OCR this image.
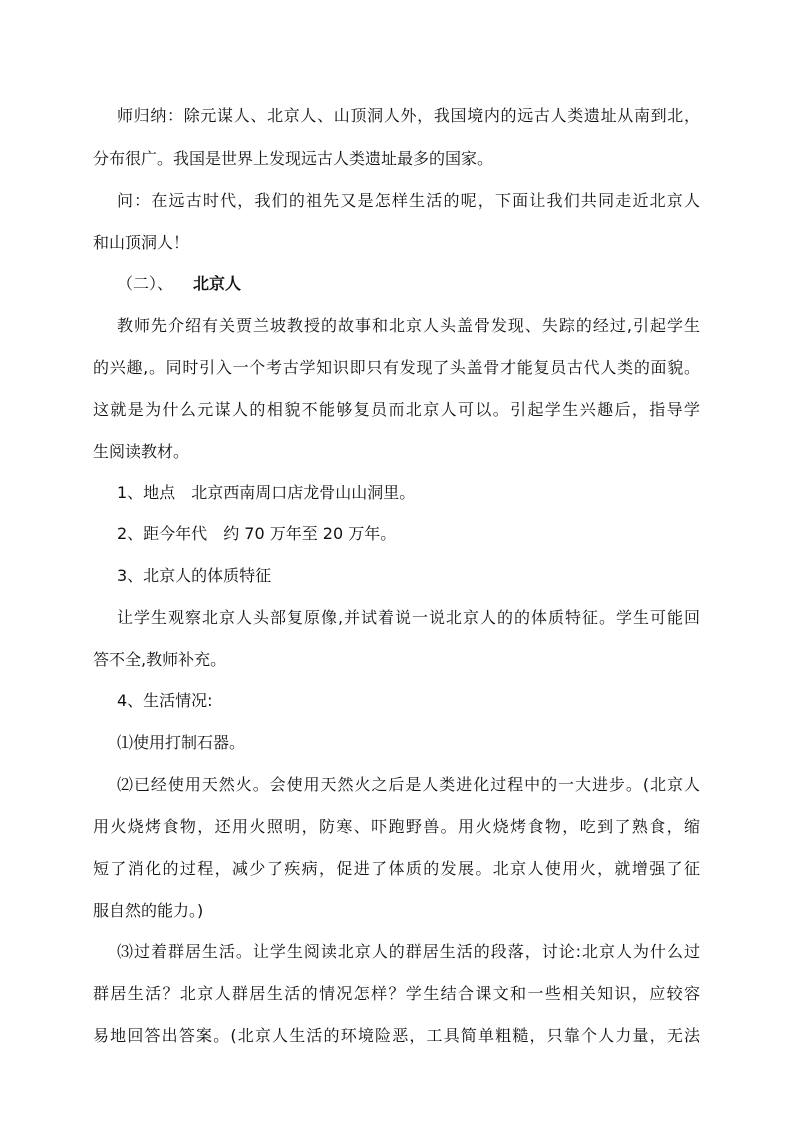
师归纳：除元谋人、北京人、山顶洞人外，我国境内的远古人类遗址从南到北，
分布很广。我国是世界上发现远古人类遗址最多的国家。
问：在远古时代，我们的祖先又是怎样生活的呢，下面让我们共同走近北京人
和山顶洞人！
（二）、 北京人
教师先介绍有关贾兰坡教授的故事和北京人头盖骨发现、失踪的经过,引起学生
的兴趣,。同时引入一个考古学知识即只有发现了头盖骨才能复员古代人类的面貌。
这就是为什么元谋人的相貌不能够复员而北京人可以。引起学生兴趣后，指导学
生阅读教材。
1、地点 北京西南周口店龙骨山山洞里。
2、距今年代 约 70 万年至 20 万年。
3、北京人的体质特征
让学生观察北京人头部复原像,并试着说一说北京人的的体质特征。学生可能回
答不全,教师补充。
4、生活情况:
⑴使用打制石器。
⑵已经使用天然火。会使用天然火之后是人类进化过程中的一大进步。(北京人
用火烧烤食物，还用火照明，防寒、吓跑野兽。用火烧烤食物，吃到了熟食，缩
短了消化的过程，减少了疾病，促进了体质的发展。北京人使用火，就增强了征
服自然的能力。)
⑶过着群居生活。让学生阅读北京人的群居生活的段落，讨论:北京人为什么过
群居生活？北京人群居生活的情况怎样？学生结合课文和一些相关知识，应较容
易地回答出答案。(北京人生活的环境险恶，工具简单粗糙，只靠个人力量，无法
